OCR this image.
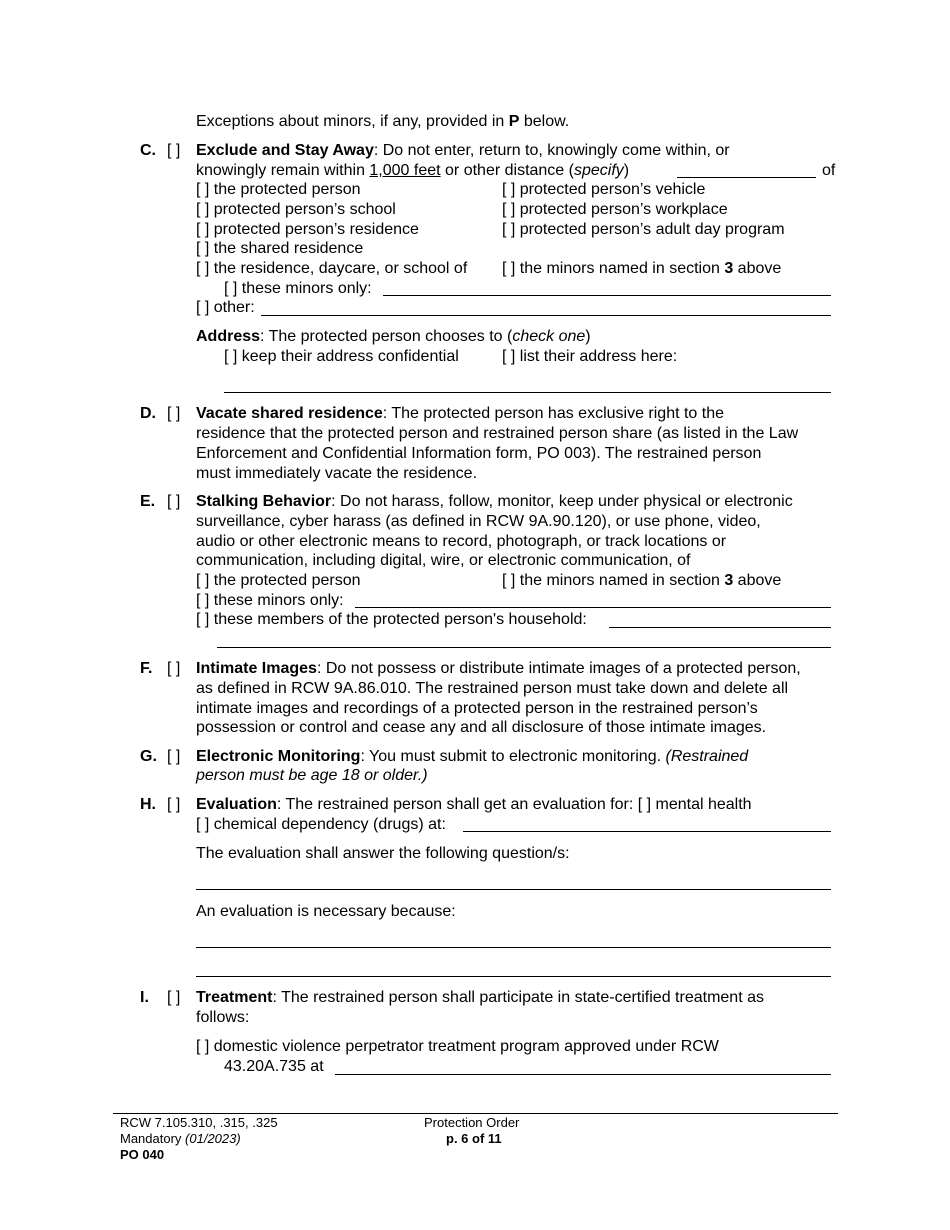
Exceptions about minors, if any, provided in P below.
C. [ ] Exclude and Stay Away: Do not enter, return to, knowingly come within, or
knowingly remain within 1,000 feet or other distance (specify)	of
[ ] the protected person	[ ] protected person’s vehicle
[ ] protected person’s school	[ ] protected person’s workplace
[ ] protected person’s residence	[ ] protected person’s adult day program
[ ] the shared residence
[ ] the residence, daycare, or school of [ ] the minors named in section 3 above
[ ] these minors only:
[ ] other:
Address: The protected person chooses to (check one)
[ ] keep their address confidential	[ ] list their address here:
D. [ ] Vacate shared residence: The protected person has exclusive right to the
residence that the protected person and restrained person share (as listed in the Law
Enforcement and Confidential Information form, PO 003). The restrained person
must immediately vacate the residence.
E. [ ] Stalking Behavior: Do not harass, follow, monitor, keep under physical or electronic
surveillance, cyber harass (as defined in RCW 9A.90.120), or use phone, video,
audio or other electronic means to record, photograph, or track locations or
communication, including digital, wire, or electronic communication, of
[ ] the protected person	[ ] the minors named in section 3 above
[ ] these minors only:
[ ] these members of the protected person's household:
F. [ ] Intimate Images: Do not possess or distribute intimate images of a protected person,
as defined in RCW 9A.86.010. The restrained person must take down and delete all
intimate images and recordings of a protected person in the restrained person’s
possession or control and cease any and all disclosure of those intimate images.
G. [ ] Electronic Monitoring: You must submit to electronic monitoring. (Restrained
person must be age 18 or older.)
H. [ ] Evaluation: The restrained person shall get an evaluation for: [ ] mental health
[ ] chemical dependency (drugs) at:
The evaluation shall answer the following question/s:
An evaluation is necessary because:
I. [ ] Treatment: The restrained person shall participate in state-certified treatment as
follows:
[ ] domestic violence perpetrator treatment program approved under RCW
43.20A.735 at
RCW 7.105.310, .315, .325
Mandatory (01/2023)
PO 040
Protection Order
p. 6 of 11
